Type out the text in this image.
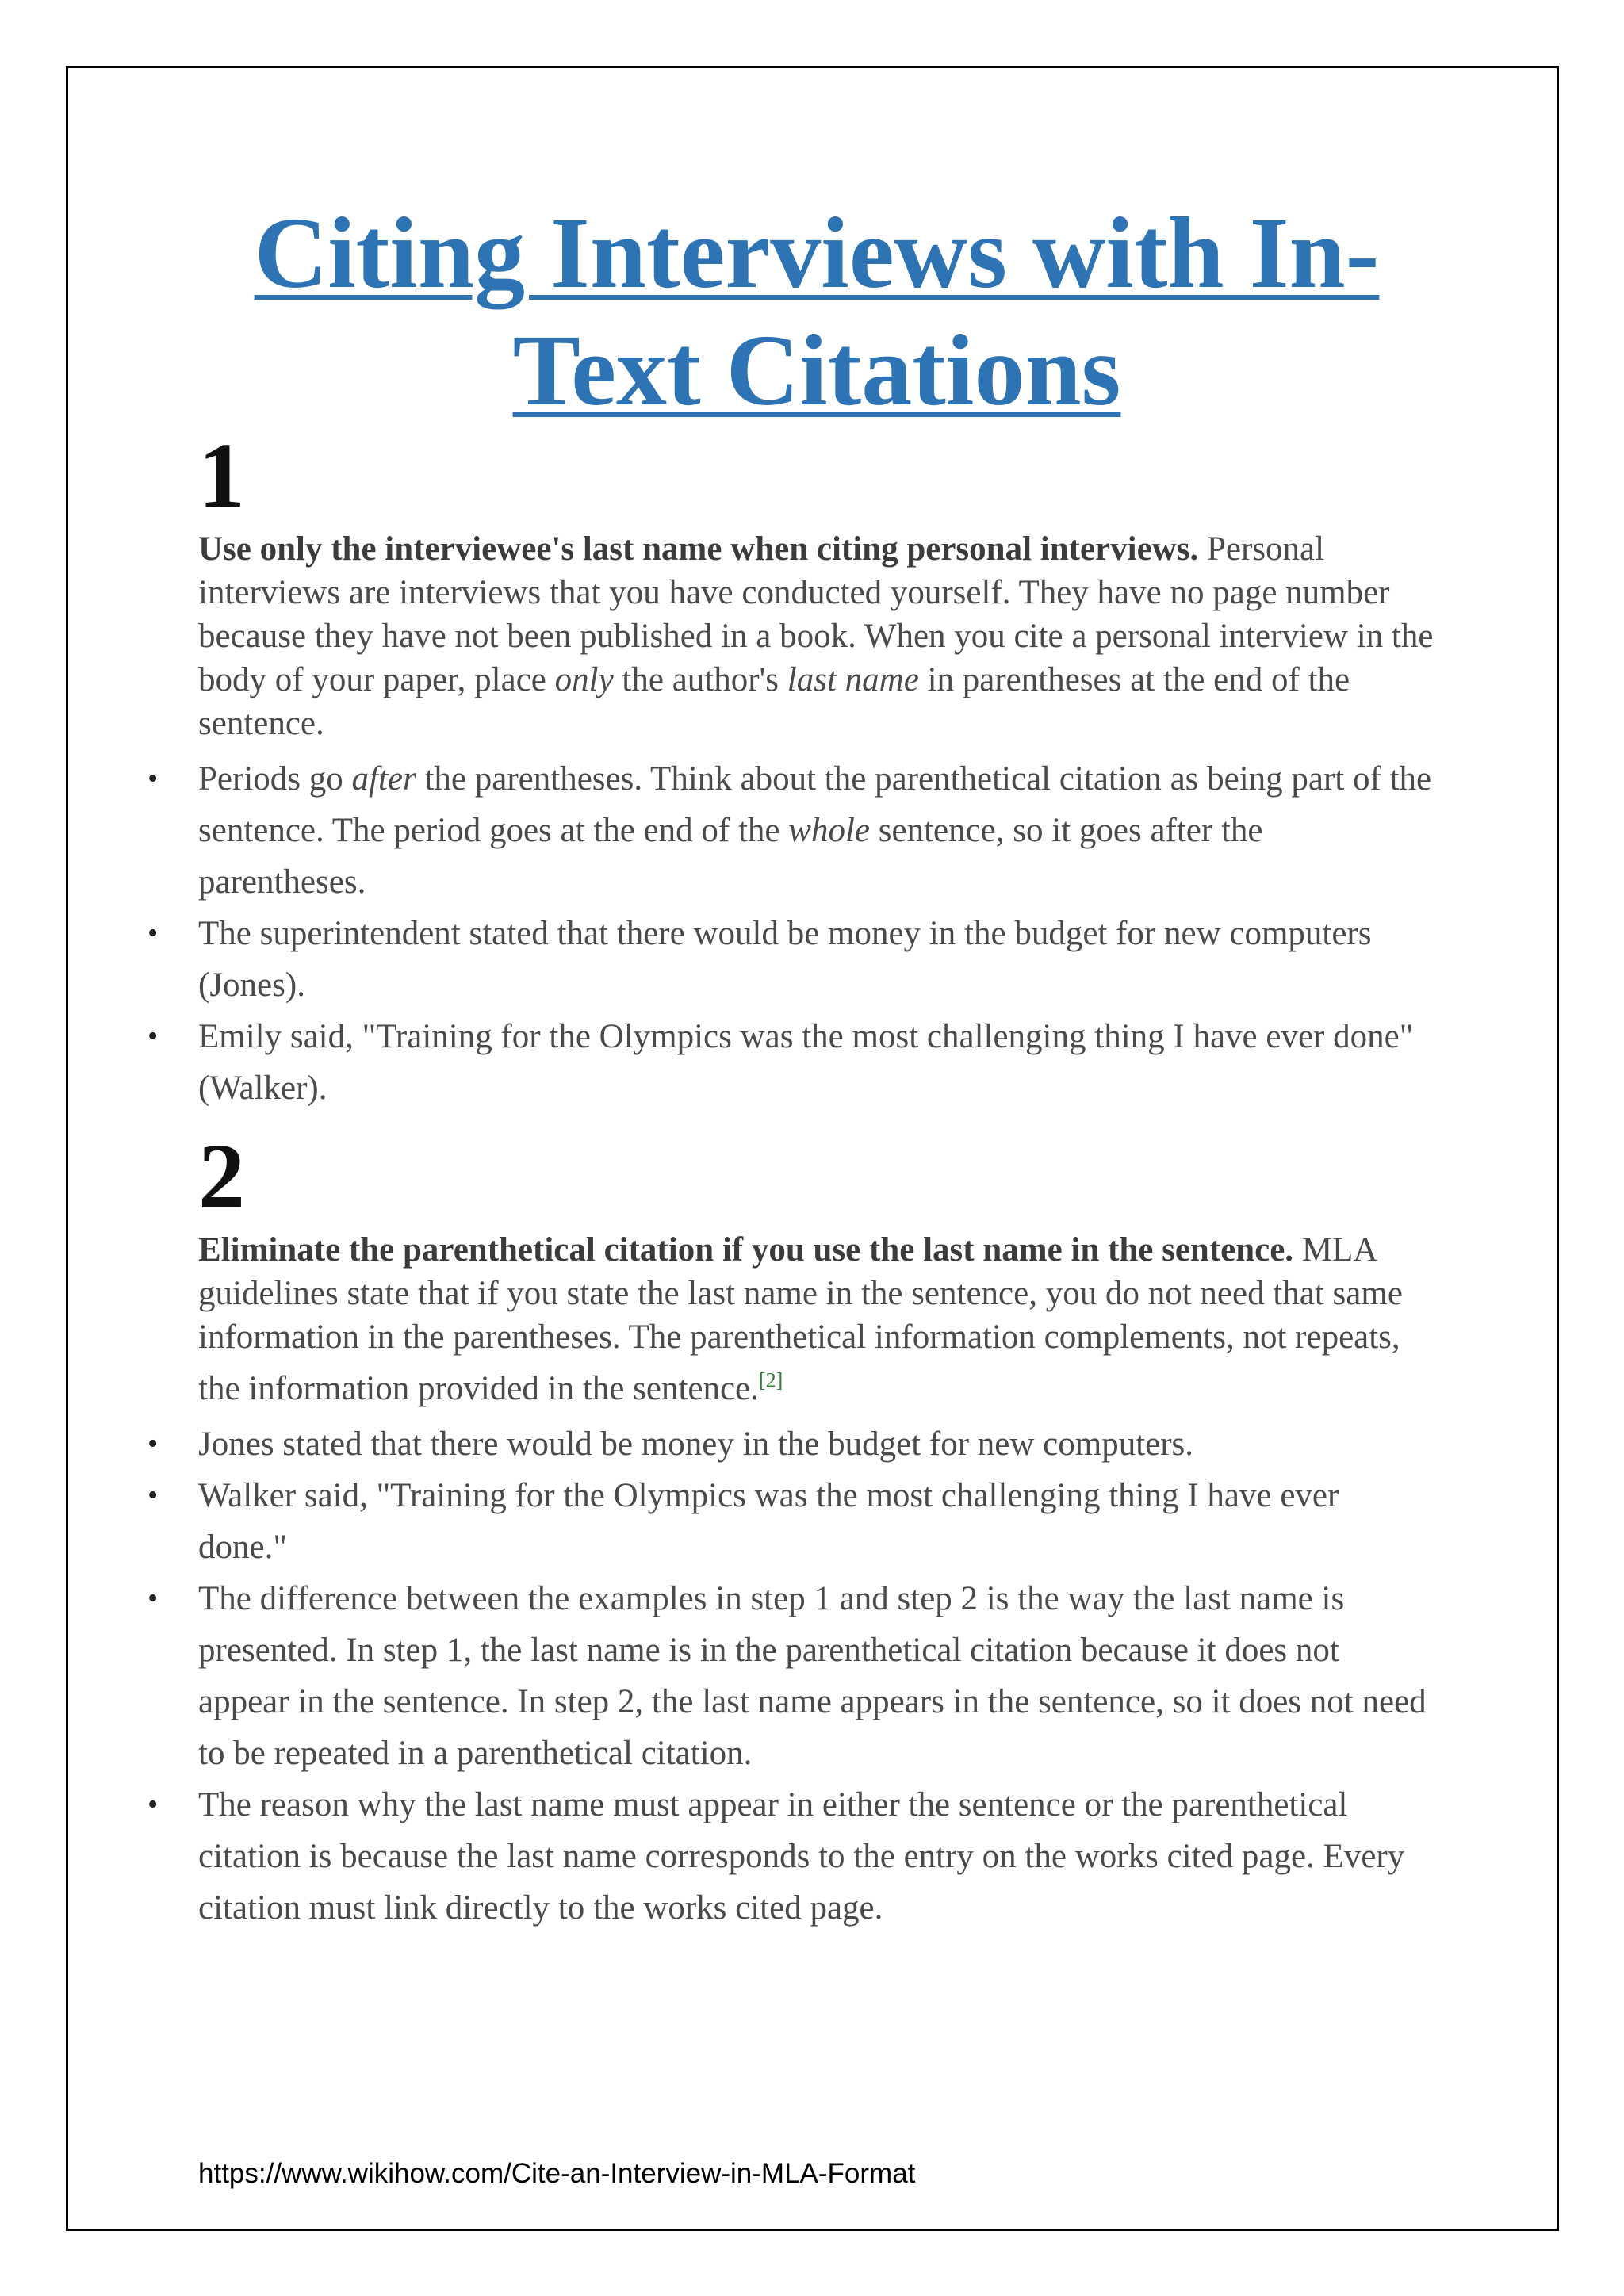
Citing Interviews with In-Text Citations

1

Use only the interviewee's last name when citing personal interviews. Personal interviews are interviews that you have conducted yourself. They have no page number because they have not been published in a book. When you cite a personal interview in the body of your paper, place only the author's last name in parentheses at the end of the sentence.

• Periods go after the parentheses. Think about the parenthetical citation as being part of the sentence. The period goes at the end of the whole sentence, so it goes after the parentheses.
• The superintendent stated that there would be money in the budget for new computers (Jones).
• Emily said, "Training for the Olympics was the most challenging thing I have ever done" (Walker).

2

Eliminate the parenthetical citation if you use the last name in the sentence. MLA guidelines state that if you state the last name in the sentence, you do not need that same information in the parentheses. The parenthetical information complements, not repeats, the information provided in the sentence.[2]

• Jones stated that there would be money in the budget for new computers.
• Walker said, "Training for the Olympics was the most challenging thing I have ever done."
• The difference between the examples in step 1 and step 2 is the way the last name is presented. In step 1, the last name is in the parenthetical citation because it does not appear in the sentence. In step 2, the last name appears in the sentence, so it does not need to be repeated in a parenthetical citation.
• The reason why the last name must appear in either the sentence or the parenthetical citation is because the last name corresponds to the entry on the works cited page. Every citation must link directly to the works cited page.
https://www.wikihow.com/Cite-an-Interview-in-MLA-Format
